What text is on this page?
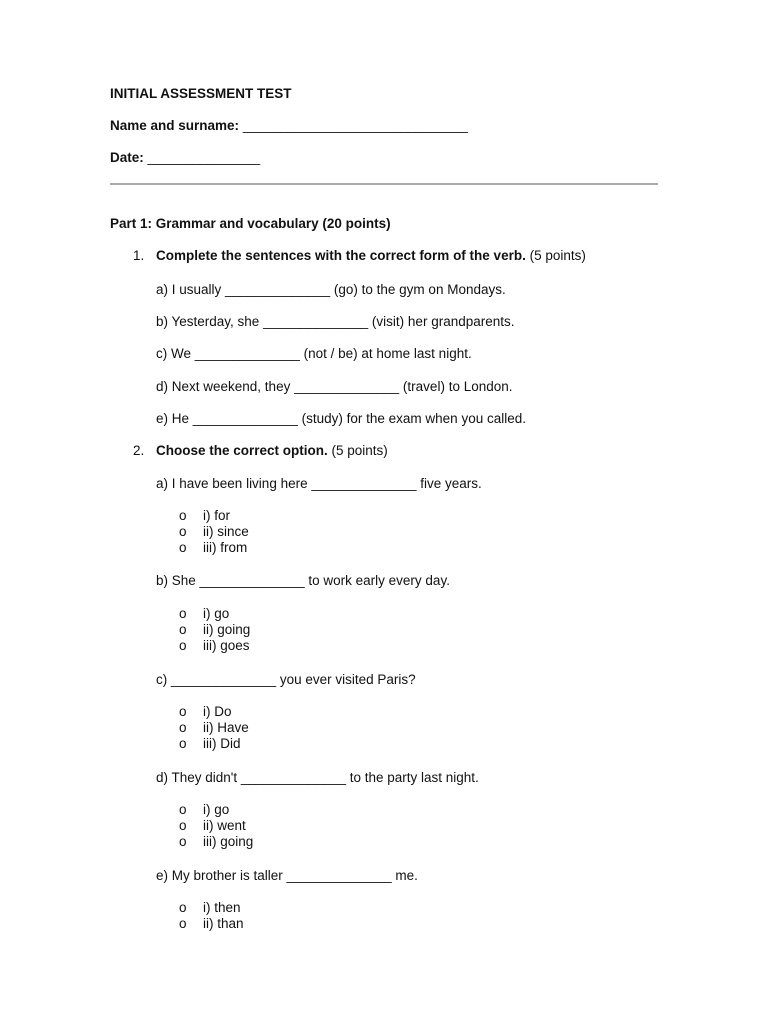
INITIAL ASSESSMENT TEST
Name and surname: ______________________________
Date: _______________
Part 1: Grammar and vocabulary (20 points)
1. Complete the sentences with the correct form of the verb. (5 points)
a) I usually ______________ (go) to the gym on Mondays.
b) Yesterday, she ______________ (visit) her grandparents.
c) We ______________ (not / be) at home last night.
d) Next weekend, they ______________ (travel) to London.
e) He ______________ (study) for the exam when you called.
2. Choose the correct option. (5 points)
a) I have been living here ______________ five years.
o i) for
o ii) since
o iii) from
b) She ______________ to work early every day.
o i) go
o ii) going
o iii) goes
c) ______________ you ever visited Paris?
o i) Do
o ii) Have
o iii) Did
d) They didn't ______________ to the party last night.
o i) go
o ii) went
o iii) going
e) My brother is taller ______________ me.
o i) then
o ii) than
